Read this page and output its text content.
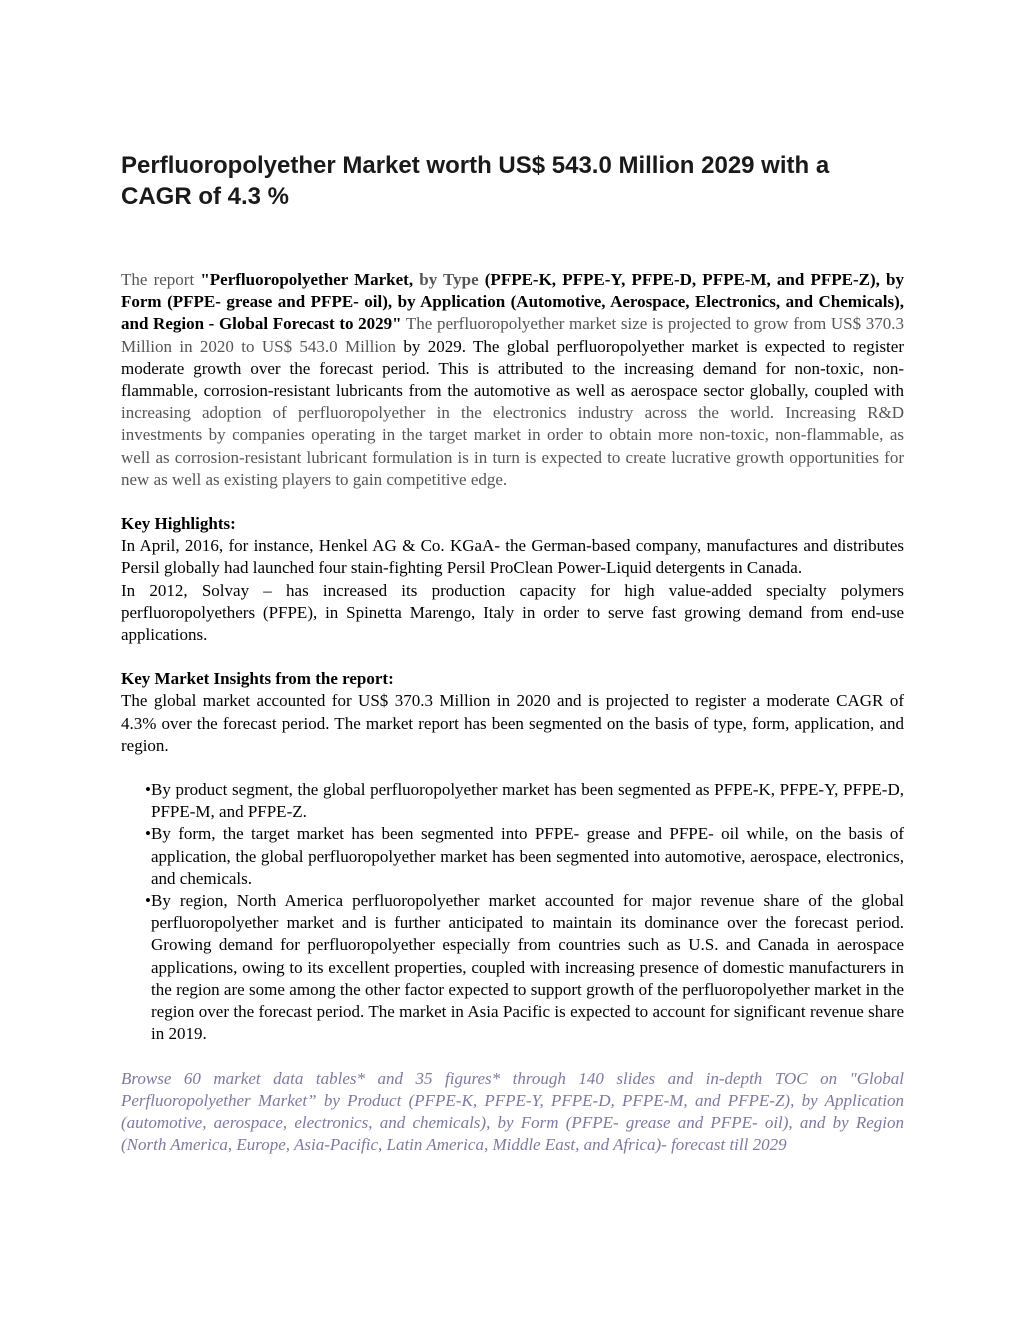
Perfluoropolyether Market worth US$ 543.0 Million 2029 with a CAGR of 4.3 %

The report "Perfluoropolyether Market, by Type (PFPE-K, PFPE-Y, PFPE-D, PFPE-M, and PFPE-Z), by Form (PFPE- grease and PFPE- oil), by Application (Automotive, Aerospace, Electronics, and Chemicals), and Region - Global Forecast to 2029" The perfluoropolyether market size is projected to grow from US$ 370.3 Million in 2020 to US$ 543.0 Million by 2029. The global perfluoropolyether market is expected to register moderate growth over the forecast period. This is attributed to the increasing demand for non-toxic, non-flammable, corrosion-resistant lubricants from the automotive as well as aerospace sector globally, coupled with increasing adoption of perfluoropolyether in the electronics industry across the world. Increasing R&D investments by companies operating in the target market in order to obtain more non-toxic, non-flammable, as well as corrosion-resistant lubricant formulation is in turn is expected to create lucrative growth opportunities for new as well as existing players to gain competitive edge.

Key Highlights:

In April, 2016, for instance, Henkel AG & Co. KGaA- the German-based company, manufactures and distributes Persil globally had launched four stain-fighting Persil ProClean Power-Liquid detergents in Canada.

In 2012, Solvay – has increased its production capacity for high value-added specialty polymers perfluoropolyethers (PFPE), in Spinetta Marengo, Italy in order to serve fast growing demand from end-use applications.

Key Market Insights from the report:

The global market accounted for US$ 370.3 Million in 2020 and is projected to register a moderate CAGR of 4.3% over the forecast period. The market report has been segmented on the basis of type, form, application, and region.

• By product segment, the global perfluoropolyether market has been segmented as PFPE-K, PFPE-Y, PFPE-D, PFPE-M, and PFPE-Z.
• By form, the target market has been segmented into PFPE- grease and PFPE- oil while, on the basis of application, the global perfluoropolyether market has been segmented into automotive, aerospace, electronics, and chemicals.
• By region, North America perfluoropolyether market accounted for major revenue share of the global perfluoropolyether market and is further anticipated to maintain its dominance over the forecast period. Growing demand for perfluoropolyether especially from countries such as U.S. and Canada in aerospace applications, owing to its excellent properties, coupled with increasing presence of domestic manufacturers in the region are some among the other factor expected to support growth of the perfluoropolyether market in the region over the forecast period. The market in Asia Pacific is expected to account for significant revenue share in 2019.

Browse 60 market data tables* and 35 figures* through 140 slides and in-depth TOC on "Global Perfluoropolyether Market” by Product (PFPE-K, PFPE-Y, PFPE-D, PFPE-M, and PFPE-Z), by Application (automotive, aerospace, electronics, and chemicals), by Form (PFPE- grease and PFPE- oil), and by Region (North America, Europe, Asia-Pacific, Latin America, Middle East, and Africa)- forecast till 2029
